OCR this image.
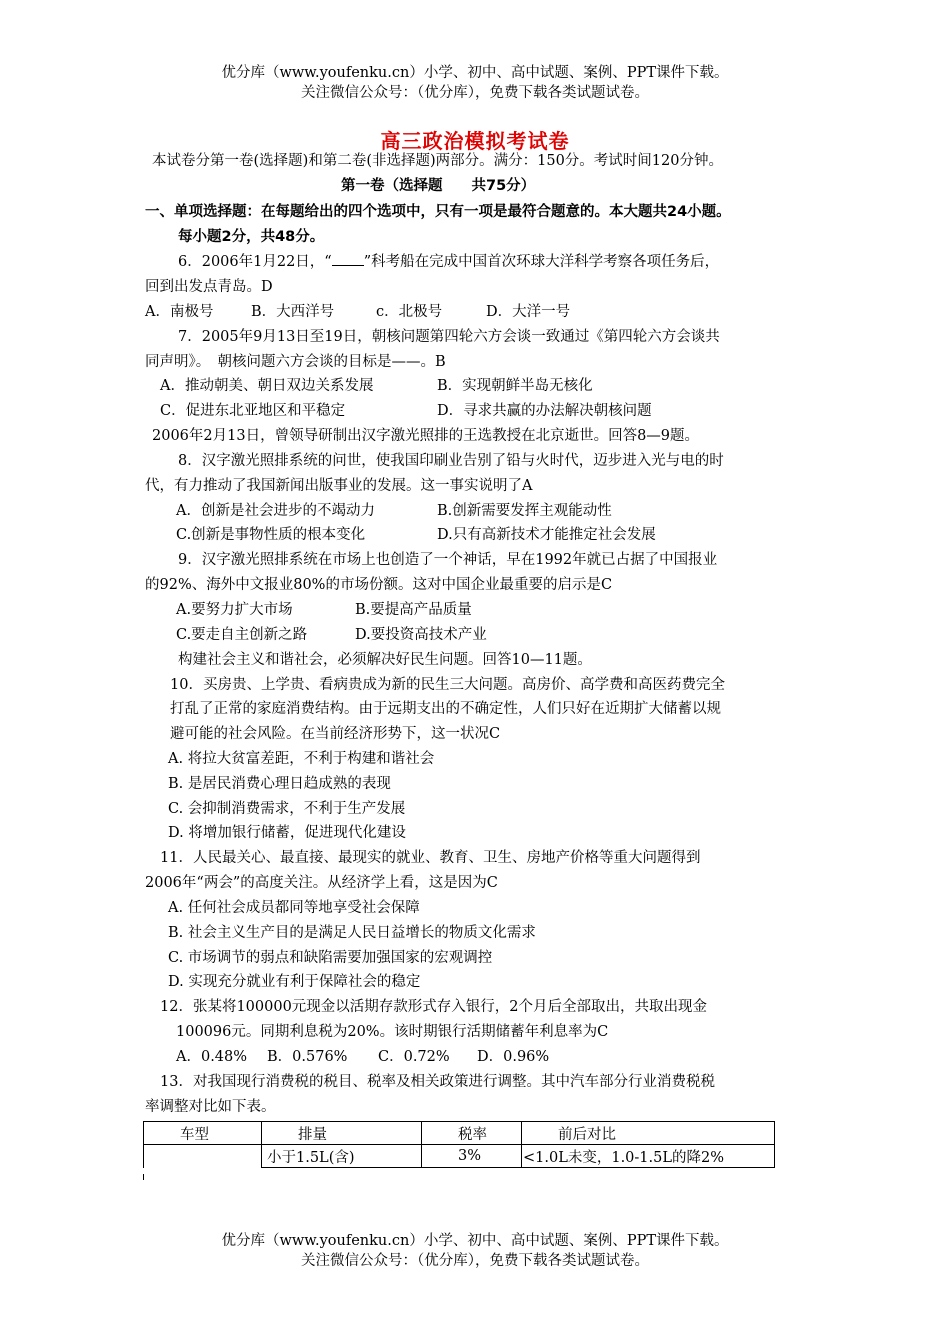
优分库（www.youfenku.cn）小学、初中、高中试题、案例、PPT课件下载。
关注微信公众号：（优分库），免费下载各类试题试卷。
高三政治模拟考试卷
本试卷分第一卷(选择题)和第二卷(非选择题)两部分。满分：150分。考试时间120分钟。
第一卷（选择题　　共75分）
一、单项选择题：在每题给出的四个选项中，只有一项是最符合题意的。本大题共24小题。
每小题2分，共48分。
6．2006年1月22日，“ ”科考船在完成中国首次环球大洋科学考察各项任务后，
回到出发点青岛。D
A．南极号	B．大西洋号	c．北极号	D．大洋一号
7．2005年9月13日至19日，朝核问题第四轮六方会谈一致通过《第四轮六方会谈共
同声明》。　朝核问题六方会谈的目标是——。B
A．推动朝美、朝日双边关系发展	B．实现朝鲜半岛无核化
C．促进东北亚地区和平稳定	D．寻求共赢的办法解决朝核问题
2006年2月13日，曾领导研制出汉字激光照排的王选教授在北京逝世。回答8—9题。
8．汉字激光照排系统的问世，使我国印刷业告别了铅与火时代，迈步进入光与电的时
代，有力推动了我国新闻出版事业的发展。这一事实说明了A
A．创新是社会进步的不竭动力	B.创新需要发挥主观能动性
C.创新是事物性质的根本变化	D.只有高新技术才能推定社会发展
9．汉字激光照排系统在市场上也创造了一个神话，早在1992年就已占据了中国报业
的92%、海外中文报业80%的市场份额。这对中国企业最重要的启示是C
A.要努力扩大市场	B.要提高产品质量
C.要走自主创新之路	D.要投资高技术产业
构建社会主义和谐社会，必须解决好民生问题。回答10—11题。
10．买房贵、上学贵、看病贵成为新的民生三大问题。高房价、高学费和高医药费完全
打乱了正常的家庭消费结构。由于远期支出的不确定性，人们只好在近期扩大储蓄以规
避可能的社会风险。在当前经济形势下，这一状况C
A. 将拉大贫富差距，不利于构建和谐社会
B. 是居民消费心理日趋成熟的表现
C. 会抑制消费需求，不利于生产发展
D. 将增加银行储蓄，促进现代化建设
11．人民最关心、最直接、最现实的就业、教育、卫生、房地产价格等重大问题得到
2006年“两会”的高度关注。从经济学上看，这是因为C
A. 任何社会成员都同等地享受社会保障
B. 社会主义生产目的是满足人民日益增长的物质文化需求
C. 市场调节的弱点和缺陷需要加强国家的宏观调控
D. 实现充分就业有利于保障社会的稳定
12．张某将100000元现金以活期存款形式存入银行，2个月后全部取出，共取出现金
100096元。同期利息税为20%。该时期银行活期储蓄年利息率为C
A．0.48% B．0.576% C．0.72% D．0.96%
13．对我国现行消费税的税目、税率及相关政策进行调整。其中汽车部分行业消费税税
率调整对比如下表。
车型	排量	税率	前后对比
	小于1.5L(含)	3%	<1.0L未变，1.0-1.5L的降2%
优分库（www.youfenku.cn）小学、初中、高中试题、案例、PPT课件下载。
关注微信公众号：（优分库），免费下载各类试题试卷。
